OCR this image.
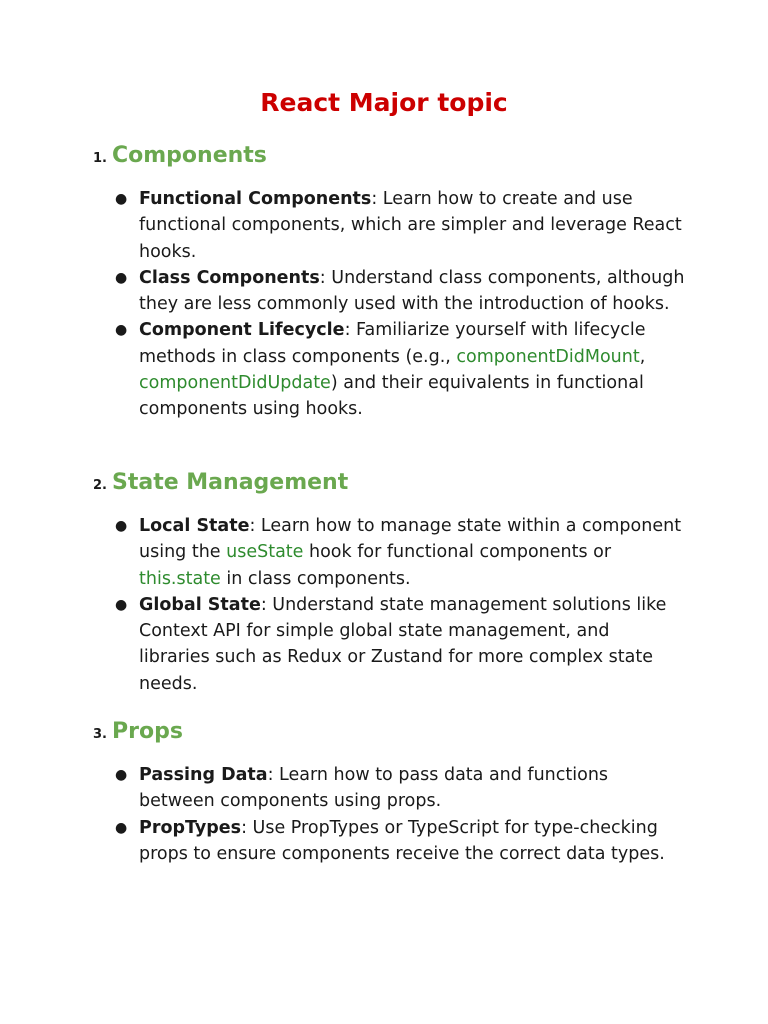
React Major topic
1. Components
● Functional Components: Learn how to create and use functional components, which are simpler and leverage React hooks.
● Class Components: Understand class components, although they are less commonly used with the introduction of hooks.
● Component Lifecycle: Familiarize yourself with lifecycle methods in class components (e.g., componentDidMount, componentDidUpdate) and their equivalents in functional components using hooks.
2. State Management
● Local State: Learn how to manage state within a component using the useState hook for functional components or this.state in class components.
● Global State: Understand state management solutions like Context API for simple global state management, and libraries such as Redux or Zustand for more complex state needs.
3. Props
● Passing Data: Learn how to pass data and functions between components using props.
● PropTypes: Use PropTypes or TypeScript for type-checking props to ensure components receive the correct data types.
